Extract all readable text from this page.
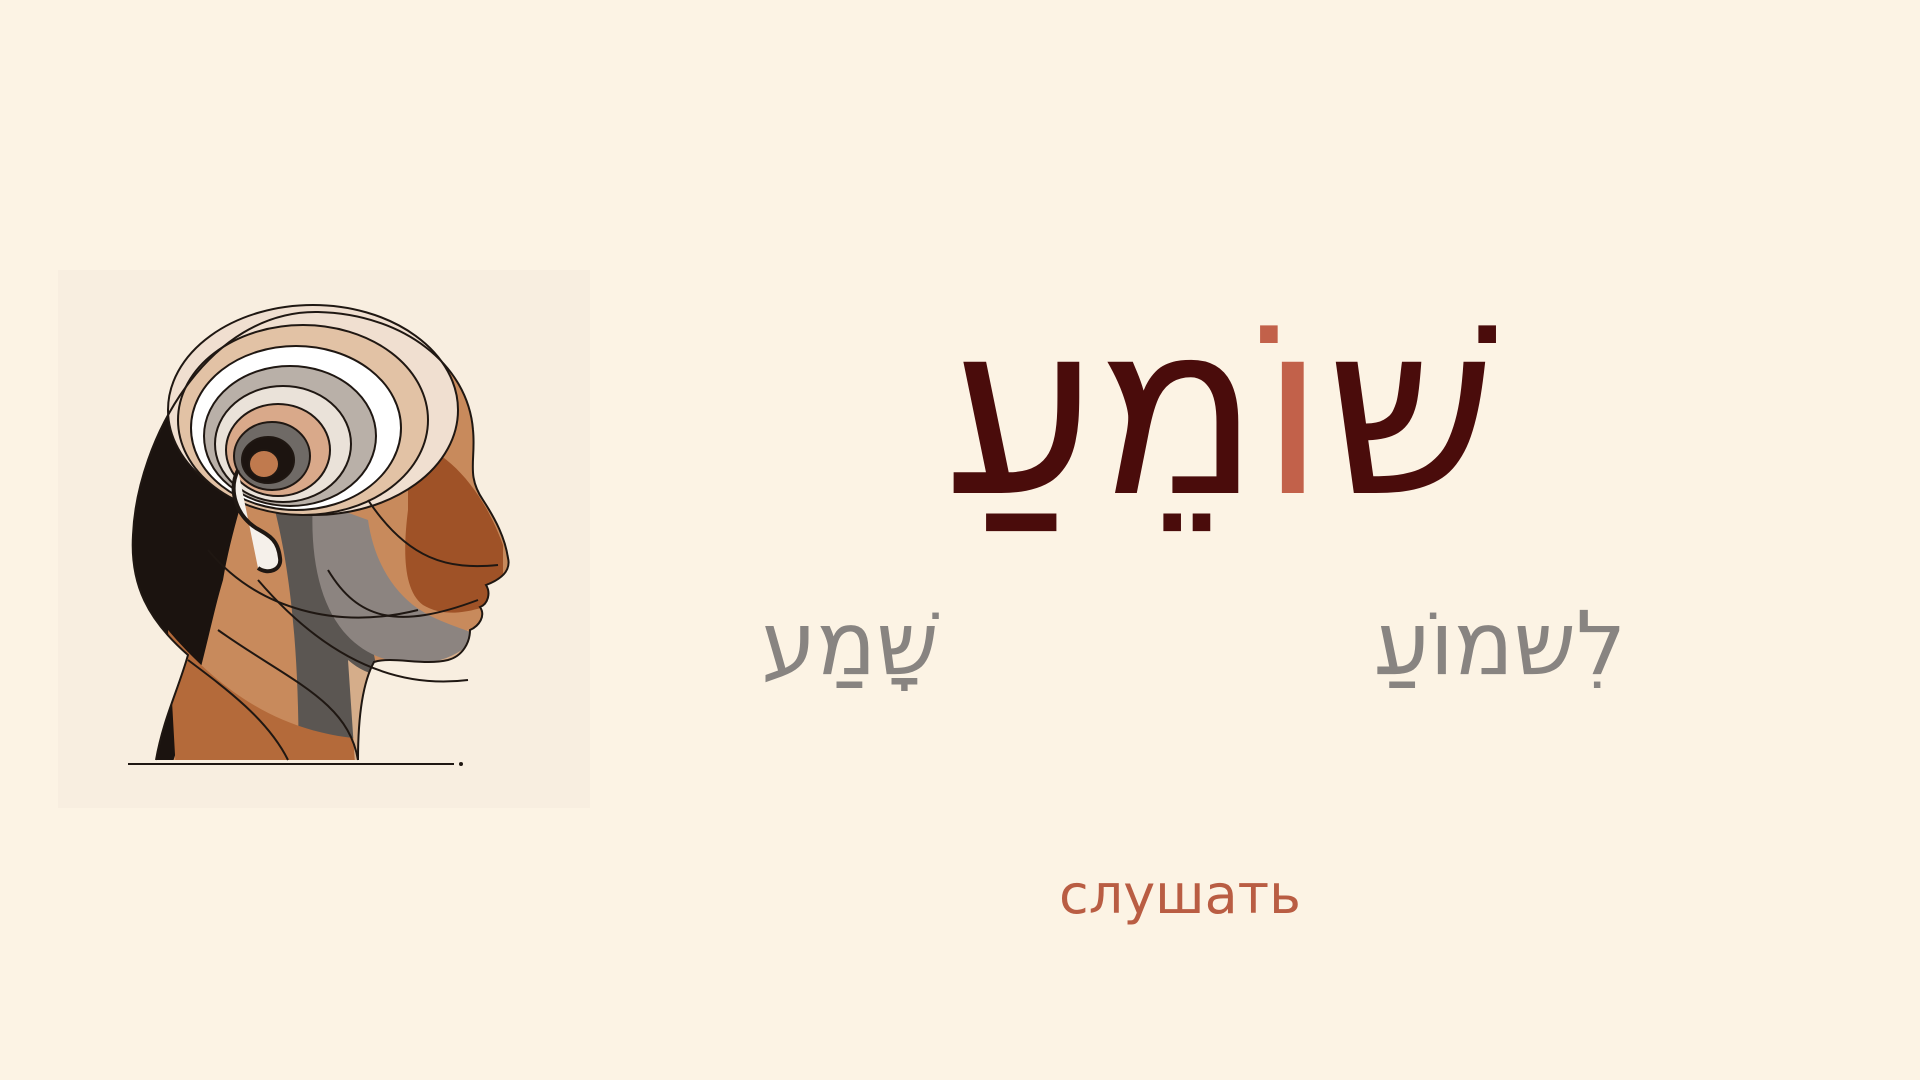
שׁוֹמֵעַ
שָׁמַע	לִשמוֹעַ
слушать
